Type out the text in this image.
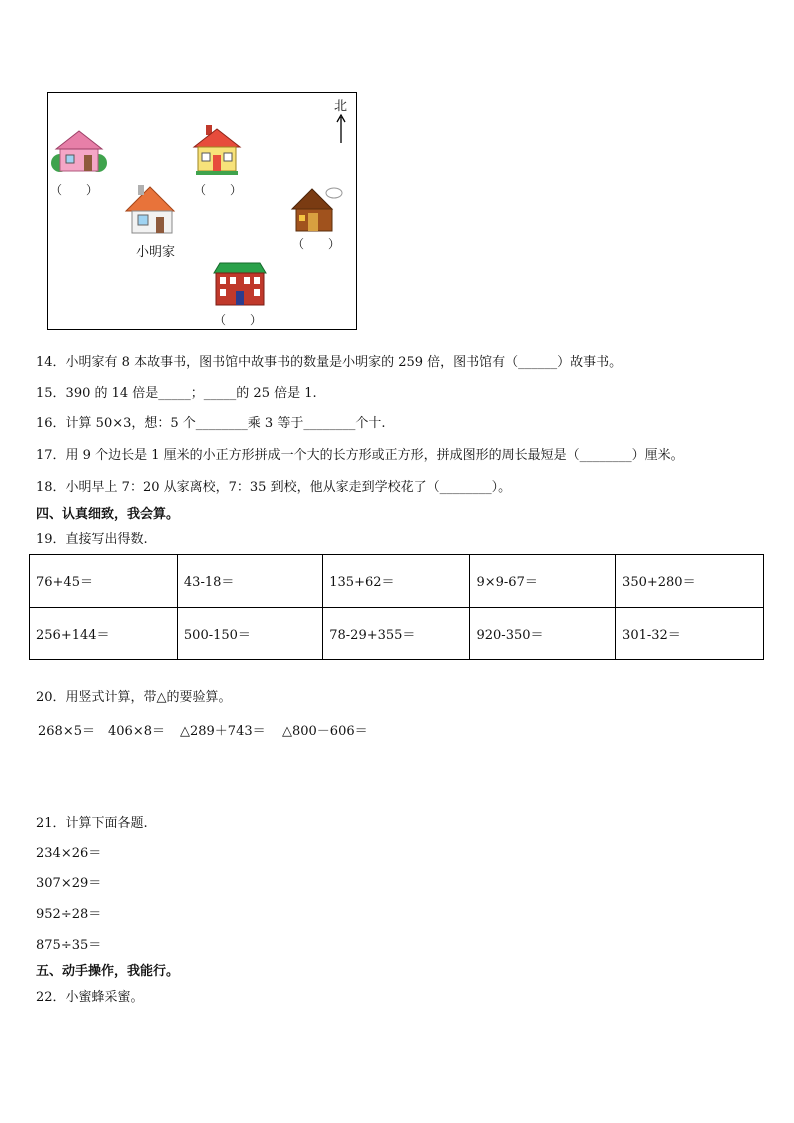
（　　）	（　　）
小明家
（　　）
（　　）
北
14．小明家有 8 本故事书，图书馆中故事书的数量是小明家的 259 倍，图书馆有（______）故事书。
15．390 的 14 倍是_____；_____的 25 倍是 1.
16．计算 50×3，想：5 个________乘 3 等于________个十.
17．用 9 个边长是 1 厘米的小正方形拼成一个大的长方形或正方形，拼成图形的周长最短是（________）厘米。
18．小明早上 7：20 从家离校，7：35 到校，他从家走到学校花了（________）。
四、认真细致，我会算。
19．直接写出得数.
76+45＝	43-18＝	135+62＝	9×9-67＝	350+280＝
256+144＝	500-150＝	78-29+355＝	920-350＝	301-32＝
20．用竖式计算，带△的要验算。
268×5＝ 406×8＝ △289＋743＝ △800－606＝
21．计算下面各题.
234×26＝
307×29＝
952÷28＝
875÷35＝
五、动手操作，我能行。
22．小蜜蜂采蜜。
